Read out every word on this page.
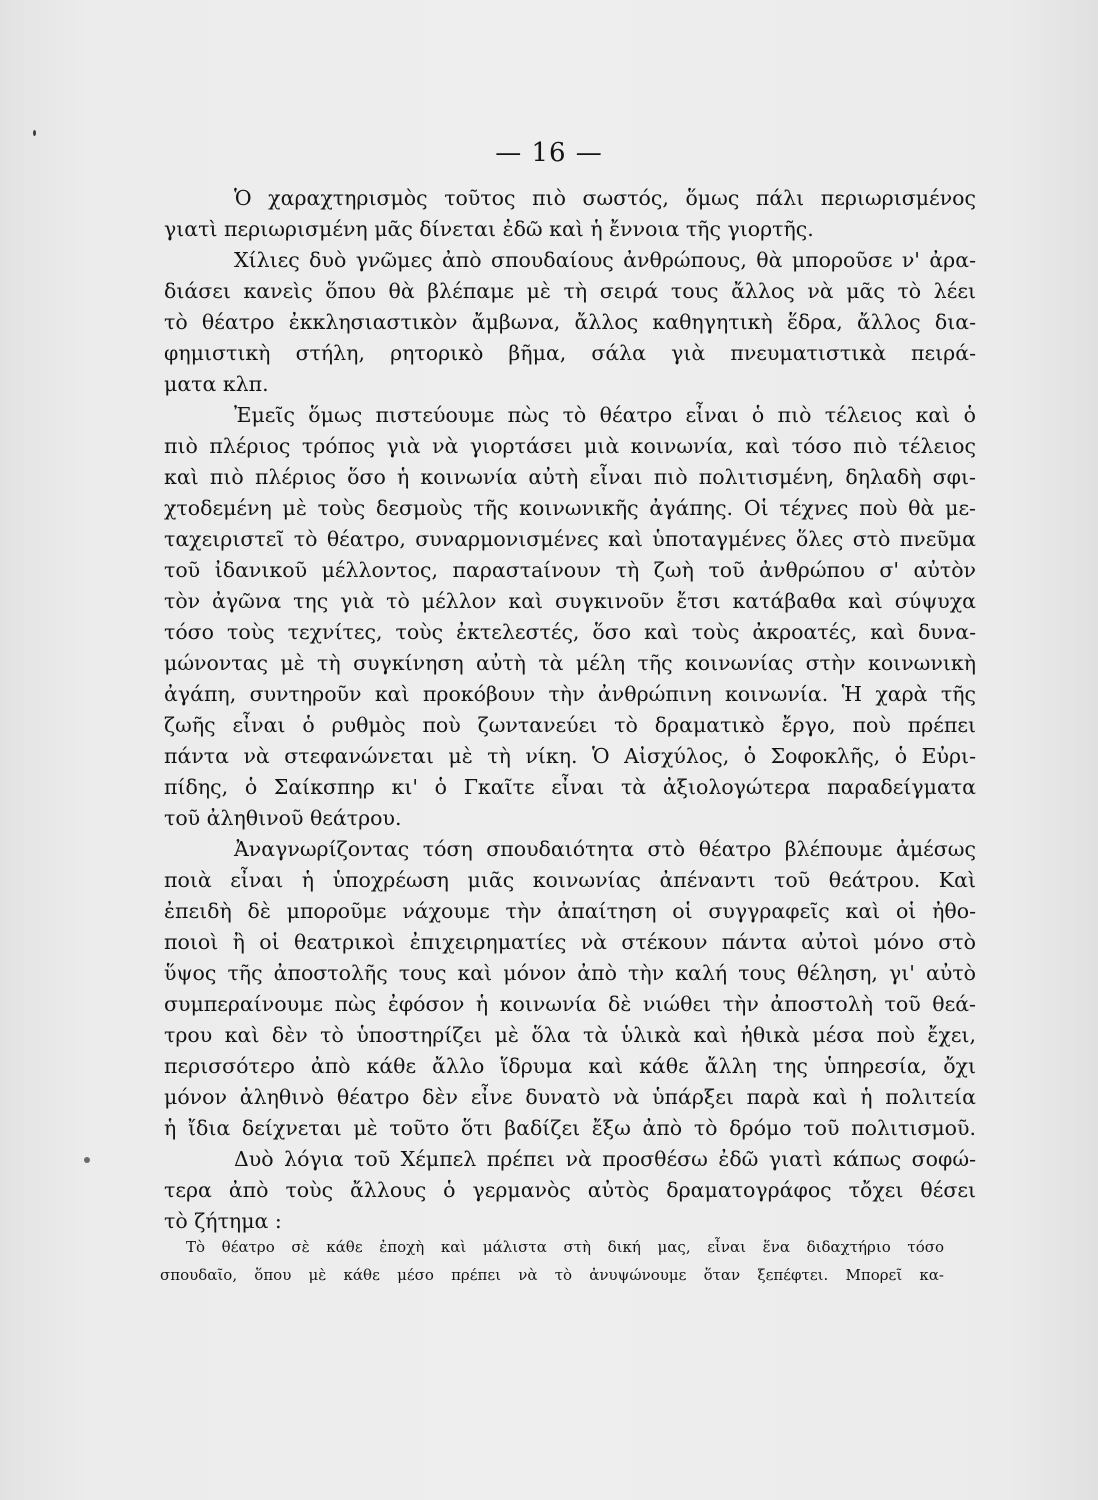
— 16 —
Ὁ χαραχτηρισμὸς τοῦτος πιὸ σωστός, ὅμως πάλι περιωρισμένος
γιατὶ περιωρισμένη μᾶς δίνεται ἐδῶ καὶ ἡ ἔννοια τῆς γιορτῆς.
Χίλιες δυὸ γνῶμες ἀπὸ σπουδαίους ἀνθρώπους, θὰ μποροῦσε ν' ἀρα-
διάσει κανεὶς ὅπου θὰ βλέπαμε μὲ τὴ σειρά τους ἄλλος νὰ μᾶς τὸ λέει
τὸ θέατρο ἐκκλησιαστικὸν ἄμβωνα, ἄλλος καθηγητικὴ ἕδρα, ἄλλος δια-
φημιστικὴ στήλη, ρητορικὸ βῆμα, σάλα γιὰ πνευματιστικὰ πειρά-
ματα κλπ.
Ἐμεῖς ὅμως πιστεύουμε πὼς τὸ θέατρο εἶναι ὁ πιὸ τέλειος καὶ ὁ
πιὸ πλέριος τρόπος γιὰ νὰ γιορτάσει μιὰ κοινωνία, καὶ τόσο πιὸ τέλειος
καὶ πιὸ πλέριος ὅσο ἡ κοινωνία αὐτὴ εἶναι πιὸ πολιτισμένη, δηλαδὴ σφι-
χτοδεμένη μὲ τοὺς δεσμοὺς τῆς κοινωνικῆς ἀγάπης. Οἱ τέχνες ποὺ θὰ με-
ταχειριστεῖ τὸ θέατρο, συναρμονισμένες καὶ ὑποταγμένες ὅλες στὸ πνεῦμα
τοῦ ἰδανικοῦ μέλλοντος, παραστaίνουν τὴ ζωὴ τοῦ ἀνθρώπου σ' αὐτὸν
τὸν ἀγῶνα της γιὰ τὸ μέλλον καὶ συγκινοῦν ἔτσι κατάβαθα καὶ σύψυχα
τόσο τοὺς τεχνίτες, τοὺς ἐκτελεστές, ὅσο καὶ τοὺς ἀκροατές, καὶ δυνα-
μώνοντας μὲ τὴ συγκίνηση αὐτὴ τὰ μέλη τῆς κοινωνίας στὴν κοινωνικὴ
ἀγάπη, συντηροῦν καὶ προκόβουν τὴν ἀνθρώπινη κοινωνία. Ἡ χαρὰ τῆς
ζωῆς εἶναι ὁ ρυθμὸς ποὺ ζωντανεύει τὸ δραματικὸ ἔργο, ποὺ πρέπει
πάντα νὰ στεφανώνεται μὲ τὴ νίκη. Ὁ Αἰσχύλος, ὁ Σοφοκλῆς, ὁ Εὐρι-
πίδης, ὁ Σαίκσπηρ κι' ὁ Γκαῖτε εἶναι τὰ ἀξιολογώτερα παραδείγματα
τοῦ ἀληθινοῦ θεάτρου.
Ἀναγνωρίζοντας τόση σπουδαιότητα στὸ θέατρο βλέπουμε ἀμέσως
ποιὰ εἶναι ἡ ὑποχρέωση μιᾶς κοινωνίας ἀπέναντι τοῦ θεάτρου. Καὶ
ἐπειδὴ δὲ μποροῦμε νάχουμε τὴν ἀπαίτηση οἱ συγγραφεῖς καὶ οἱ ἠθο-
ποιοὶ ἢ οἱ θεατρικοὶ ἐπιχειρηματίες νὰ στέκουν πάντα αὐτοὶ μόνο στὸ
ὕψος τῆς ἀποστολῆς τους καὶ μόνον ἀπὸ τὴν καλή τους θέληση, γι' αὐτὸ
συμπεραίνουμε πὼς ἐφόσον ἡ κοινωνία δὲ νιώθει τὴν ἀποστολὴ τοῦ θεά-
τρου καὶ δὲν τὸ ὑποστηρίζει μὲ ὅλα τὰ ὑλικὰ καὶ ἠθικὰ μέσα ποὺ ἔχει,
περισσότερο ἀπὸ κάθε ἄλλο ἵδρυμα καὶ κάθε ἄλλη της ὑπηρεσία, ὄχι
μόνον ἀληθινὸ θέατρο δὲν εἶνε δυνατὸ νὰ ὑπάρξει παρὰ καὶ ἡ πολιτεία
ἡ ἴδια δείχνεται μὲ τοῦτο ὅτι βαδίζει ἔξω ἀπὸ τὸ δρόμο τοῦ πολιτισμοῦ.
Δυὸ λόγια τοῦ Χέμπελ πρέπει νὰ προσθέσω ἐδῶ γιατὶ κάπως σοφώ-
τερα ἀπὸ τοὺς ἄλλους ὁ γερμανὸς αὐτὸς δραματογράφος τὄχει θέσει
τὸ ζήτημα :
Τὸ θέατρο σὲ κάθε ἐποχὴ καὶ μάλιστα στὴ δική μας, εἶναι ἕνα διδαχτήριο τόσο
σπουδαῖο, ὅπου μὲ κάθε μέσο πρέπει νὰ τὸ ἀνυψώνουμε ὅταν ξεπέφτει. Μπορεῖ κα-
